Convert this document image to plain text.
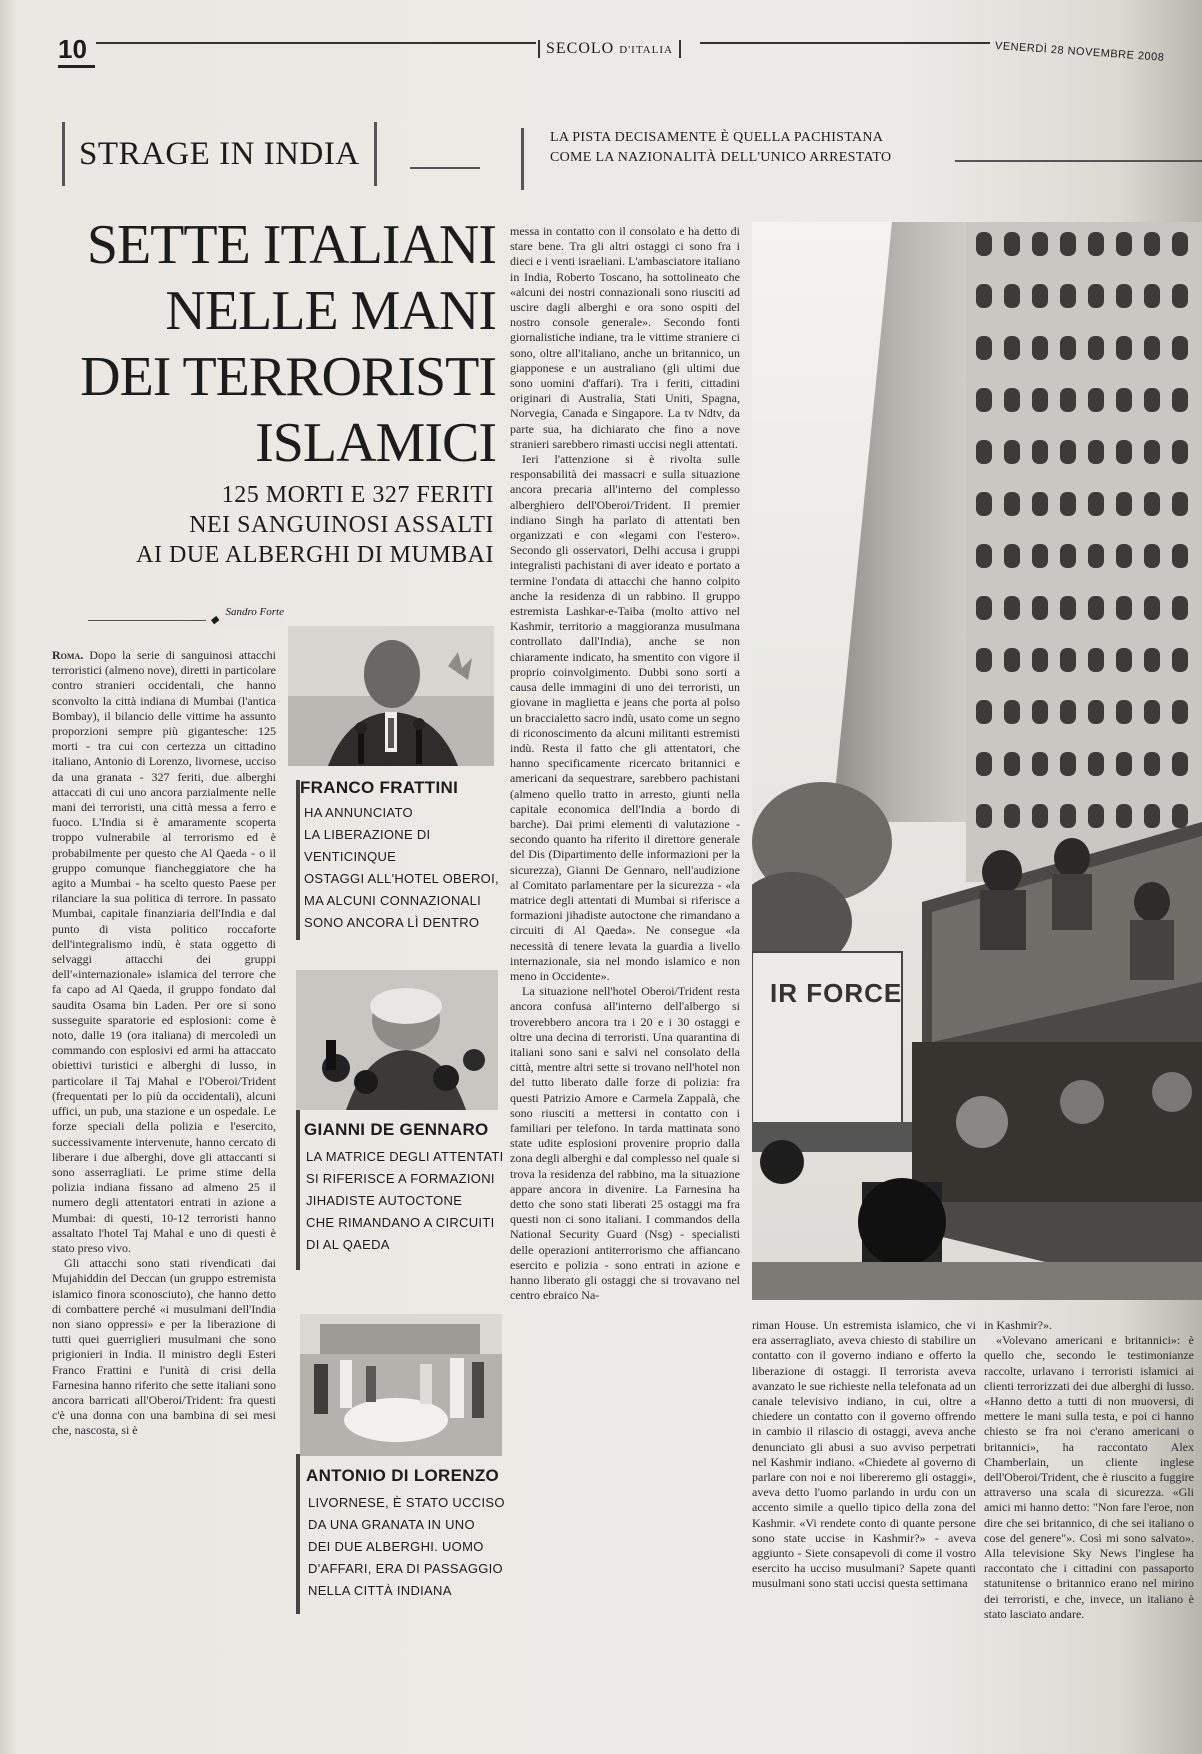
10	SECOLO D'ITALIA	VENERDÌ 28 NOVEMBRE 2008
STRAGE IN INDIA	LA PISTA DECISAMENTE È QUELLA PACHISTANA
COME LA NAZIONALITÀ DELL'UNICO ARRESTATO
SETTE ITALIANI
NELLE MANI
DEI TERRORISTI
ISLAMICI
125 MORTI E 327 FERITI
NEI SANGUINOSI ASSALTI
AI DUE ALBERGHI DI MUMBAI
◆ Sandro Forte

Roma. Dopo la serie di sanguinosi attacchi terroristici (almeno nove), diretti in particolare contro stranieri occidentali, che hanno sconvolto la città indiana di Mumbai (l'antica Bombay), il bilancio delle vittime ha assunto proporzioni sempre più gigantesche: 125 morti - tra cui con certezza un cittadino italiano, Antonio di Lorenzo, livornese, ucciso da una granata - 327 feriti, due alberghi attaccati di cui uno ancora parzialmente nelle mani dei terroristi, una città messa a ferro e fuoco. L'India si è amaramente scoperta troppo vulnerabile al terrorismo ed è probabilmente per questo che Al Qaeda - o il gruppo comunque fiancheggiatore che ha agito a Mumbai - ha scelto questo Paese per rilanciare la sua politica di terrore. In passato Mumbai, capitale finanziaria dell'India e dal punto di vista politico roccaforte dell'integralismo indù, è stata oggetto di selvaggi attacchi dei gruppi dell'«internazionale» islamica del terrore che fa capo ad Al Qaeda, il gruppo fondato dal saudita Osama bin Laden. Per ore si sono susseguite sparatorie ed esplosioni: come è noto, dalle 19 (ora italiana) di mercoledì un commando con esplosivi ed armi ha attaccato obiettivi turistici e alberghi di lusso, in particolare il Taj Mahal e l'Oberoi/Trident (frequentati per lo più da occidentali), alcuni uffici, un pub, una stazione e un ospedale. Le forze speciali della polizia e l'esercito, successivamente intervenute, hanno cercato di liberare i due alberghi, dove gli attaccanti si sono asserragliati. Le prime stime della polizia indiana fissano ad almeno 25 il numero degli attentatori entrati in azione a Mumbai: di questi, 10-12 terroristi hanno assaltato l'hotel Taj Mahal e uno di questi è stato preso vivo.

Gli attacchi sono stati rivendicati dai Mujahiddin del Deccan (un gruppo estremista islamico finora sconosciuto), che hanno detto di combattere perché «i musulmani dell'India non siano oppressi» e per la liberazione di tutti quei guerriglieri musulmani che sono prigionieri in India. Il ministro degli Esteri Franco Frattini e l'unità di crisi della Farnesina hanno riferito che sette italiani sono ancora barricati all'Oberoi/Trident: fra questi c'è una donna con una bambina di sei mesi che, nascosta, si è

FRANCO FRATTINI
HA ANNUNCIATO
LA LIBERAZIONE DI VENTICINQUE
OSTAGGI ALL'HOTEL OBEROI,
MA ALCUNI CONNAZIONALI
SONO ANCORA LÌ DENTRO
GIANNI DE GENNARO
LA MATRICE DEGLI ATTENTATI
SI RIFERISCE A FORMAZIONI
JIHADISTE AUTOCTONE
CHE RIMANDANO A CIRCUITI
DI AL QAEDA
ANTONIO DI LORENZO
LIVORNESE, È STATO UCCISO
DA UNA GRANATA IN UNO
DEI DUE ALBERGHI. UOMO
D'AFFARI, ERA DI PASSAGGIO
NELLA CITTÀ INDIANA

messa in contatto con il consolato e ha detto di stare bene. Tra gli altri ostaggi ci sono fra i dieci e i venti israeliani. L'ambasciatore italiano in India, Roberto Toscano, ha sottolineato che «alcuni dei nostri connazionali sono riusciti ad uscire dagli alberghi e ora sono ospiti del nostro console generale». Secondo fonti giornalistiche indiane, tra le vittime straniere ci sono, oltre all'italiano, anche un britannico, un giapponese e un australiano (gli ultimi due sono uomini d'affari). Tra i feriti, cittadini originari di Australia, Stati Uniti, Spagna, Norvegia, Canada e Singapore. La tv Ndtv, da parte sua, ha dichiarato che fino a nove stranieri sarebbero rimasti uccisi negli attentati.

Ieri l'attenzione si è rivolta sulle responsabilità dei massacri e sulla situazione ancora precaria all'interno del complesso alberghiero dell'Oberoi/Trident. Il premier indiano Singh ha parlato di attentati ben organizzati e con «legami con l'estero». Secondo gli osservatori, Delhi accusa i gruppi integralisti pachistani di aver ideato e portato a termine l'ondata di attacchi che hanno colpito anche la residenza di un rabbino. Il gruppo estremista Lashkar-e-Taiba (molto attivo nel Kashmir, territorio a maggioranza musulmana controllato dall'India), anche se non chiaramente indicato, ha smentito con vigore il proprio coinvolgimento. Dubbi sono sorti a causa delle immagini di uno dei terroristi, un giovane in maglietta e jeans che porta al polso un braccialetto sacro indù, usato come un segno di riconoscimento da alcuni militanti estremisti indù. Resta il fatto che gli attentatori, che hanno specificamente ricercato britannici e americani da sequestrare, sarebbero pachistani (almeno quello tratto in arresto, giunti nella capitale economica dell'India a bordo di barche). Dai primi elementi di valutazione - secondo quanto ha riferito il direttore generale del Dis (Dipartimento delle informazioni per la sicurezza), Gianni De Gennaro, nell'audizione al Comitato parlamentare per la sicurezza - «la matrice degli attentati di Mumbai si riferisce a formazioni jihadiste autoctone che rimandano a circuiti di Al Qaeda». Ne consegue «la necessità di tenere levata la guardia a livello internazionale, sia nel mondo islamico e non meno in Occidente».

La situazione nell'hotel Oberoi/Trident resta ancora confusa all'interno dell'albergo si troverebbero ancora tra i 20 e i 30 ostaggi e oltre una decina di terroristi. Una quarantina di italiani sono sani e salvi nel consolato della città, mentre altri sette si trovano nell'hotel non del tutto liberato dalle forze di polizia: fra questi Patrizio Amore e Carmela Zappalà, che sono riusciti a mettersi in contatto con i familiari per telefono. In tarda mattinata sono state udite esplosioni provenire proprio dalla zona degli alberghi e dal complesso nel quale si trova la residenza del rabbino, ma la situazione appare ancora in divenire. La Farnesina ha detto che sono stati liberati 25 ostaggi ma fra questi non ci sono italiani. I commandos della National Security Guard (Nsg) - specialisti delle operazioni antiterrorismo che affiancano esercito e polizia - sono entrati in azione e hanno liberato gli ostaggi che si trovavano nel centro ebraico Na-

IR FORCE

riman House. Un estremista islamico, che vi era asserragliato, aveva chiesto di stabilire un contatto con il governo indiano e offerto la liberazione di ostaggi. Il terrorista aveva avanzato le sue richieste nella telefonata ad un canale televisivo indiano, in cui, oltre a chiedere un contatto con il governo offrendo in cambio il rilascio di ostaggi, aveva anche denunciato gli abusi a suo avviso perpetrati nel Kashmir indiano. «Chiedete al governo di parlare con noi e noi libereremo gli ostaggi», aveva detto l'uomo parlando in urdu con un accento simile a quello tipico della zona del Kashmir. «Vi rendete conto di quante persone sono state uccise in Kashmir?» - aveva aggiunto - Siete consapevoli di come il vostro esercito ha ucciso musulmani? Sapete quanti musulmani sono stati uccisi questa settimana

in Kashmir?».

«Volevano americani e britannici»: è quello che, secondo le testimonianze raccolte, urlavano i terroristi islamici ai clienti terrorizzati dei due alberghi di lusso. «Hanno detto a tutti di non muoversi, di mettere le mani sulla testa, e poi ci hanno chiesto se fra noi c'erano americani o britannici», ha raccontato Alex Chamberlain, un cliente inglese dell'Oberoi/Trident, che è riuscito a fuggire attraverso una scala di sicurezza. «Gli amici mi hanno detto: "Non fare l'eroe, non dire che sei britannico, di che sei italiano o cose del genere"». Così mi sono salvato». Alla televisione Sky News l'inglese ha raccontato che i cittadini con passaporto statunitense o britannico erano nel mirino dei terroristi, e che, invece, un italiano è stato lasciato andare.
